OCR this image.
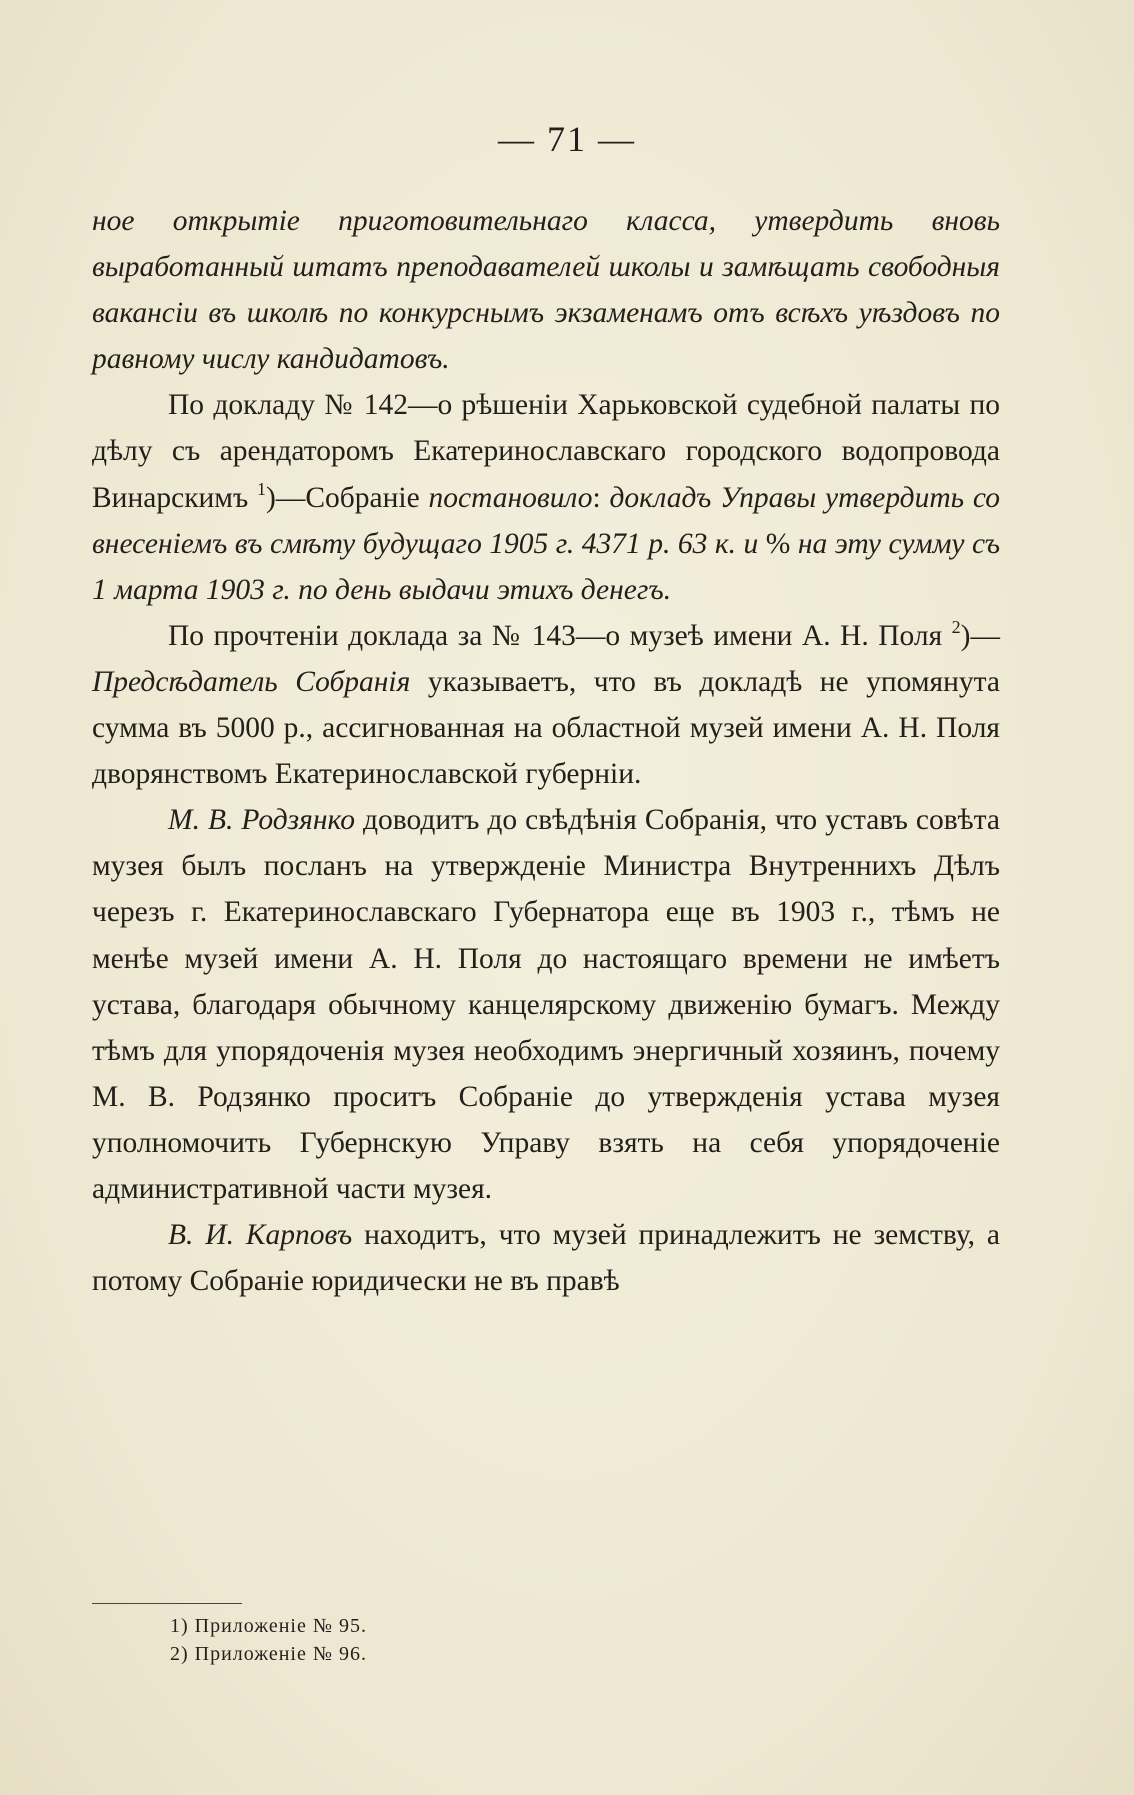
— 71 —

ное открытіе приготовительнаго класса, утвердить вновь выработанный штатъ преподавателей школы и замѣщать свободныя вакансіи въ школѣ по конкурснымъ экзаменамъ отъ всѣхъ уѣздовъ по равному числу кандидатовъ.

По докладу № 142—о рѣшеніи Харьковской судебной палаты по дѣлу съ арендаторомъ Екатеринославскаго городского водопровода Винарскимъ $^1$)—Собраніе постановило: докладъ Управы утвердить со внесеніемъ въ смѣту будущаго 1905 г. 4371 р. 63 к. и % на эту сумму съ 1 марта 1903 г. по день выдачи этихъ денегъ.

По прочтеніи доклада за № 143—о музеѣ имени А. Н. Поля $^2$)—Предсѣдатель Собранія указываетъ, что въ докладѣ не упомянута сумма въ 5000 р., ассигнованная на областной музей имени А. Н. Поля дворянствомъ Екатеринославской губерніи.

М. В. Родзянко доводитъ до свѣдѣнія Собранія, что уставъ совѣта музея былъ посланъ на утвержденіе Министра Внутреннихъ Дѣлъ черезъ г. Екатеринославскаго Губернатора еще въ 1903 г., тѣмъ не менѣе музей имени А. Н. Поля до настоящаго времени не имѣетъ устава, благодаря обычному канцелярскому движенію бумагъ. Между тѣмъ для упорядоченія музея необходимъ энергичный хозяинъ, почему М. В. Родзянко проситъ Собраніе до утвержденія устава музея уполномочить Губернскую Управу взять на себя упорядоченіе административной части музея.

В. И. Карповъ находитъ, что музей принадлежитъ не земству, а потому Собраніе юридически не въ правѣ

1) Приложеніе № 95.
2) Приложеніе № 96.
